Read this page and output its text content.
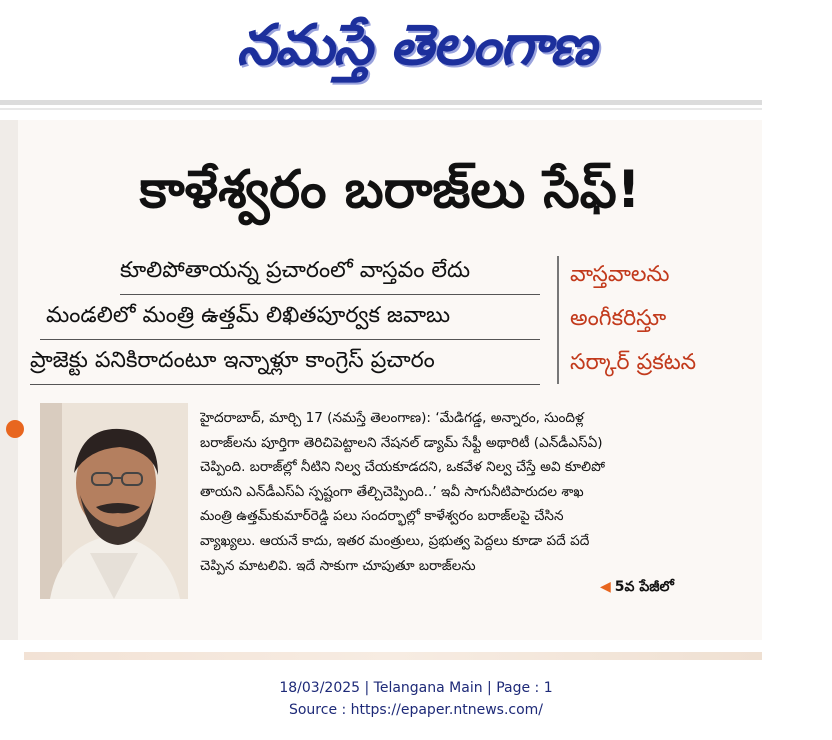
నమస్తే తెలంగాణ
కాళేశ్వరం బరాజ్‌లు సేఫ్!
కూలిపోతాయన్న ప్రచారంలో వాస్తవం లేదు
మండలిలో మంత్రి ఉత్తమ్ లిఖితపూర్వక జవాబు
ప్రాజెక్టు పనికిరాదంటూ ఇన్నాళ్లూ కాంగ్రెస్ ప్రచారం
వాస్తవాలను
అంగీకరిస్తూ
సర్కార్ ప్రకటన
హైదరాబాద్, మార్చి 17 (నమస్తే తెలంగాణ): ‘మేడిగడ్డ, అన్నారం, సుందిళ్ల
బరాజ్‌లను పూర్తిగా తెరిచిపెట్టాలని నేషనల్ డ్యామ్ సేఫ్టీ అథారిటీ (ఎన్‌డీఎస్‌ఏ)
చెప్పింది. బరాజ్‌ల్లో నీటిని నిల్వ చేయకూడదని, ఒకవేళ నిల్వ చేస్తే అవి కూలిపో
తాయని ఎన్‌డీఎస్‌ఏ స్పష్టంగా తేల్చిచెప్పింది..’ ఇవీ సాగునీటిపారుదల శాఖ
మంత్రి ఉత్తమ్‌కుమార్‌రెడ్డి పలు సందర్భాల్లో కాళేశ్వరం బరాజ్‌లపై చేసిన
వ్యాఖ్యలు. ఆయనే కాదు, ఇతర మంత్రులు, ప్రభుత్వ పెద్దలు కూడా పదే పదే
చెప్పిన మాటలివి. ఇదే సాకుగా చూపుతూ బరాజ్‌లను
◀ 5వ పేజీలో
18/03/2025 | Telangana Main | Page : 1
Source : https://epaper.ntnews.com/
